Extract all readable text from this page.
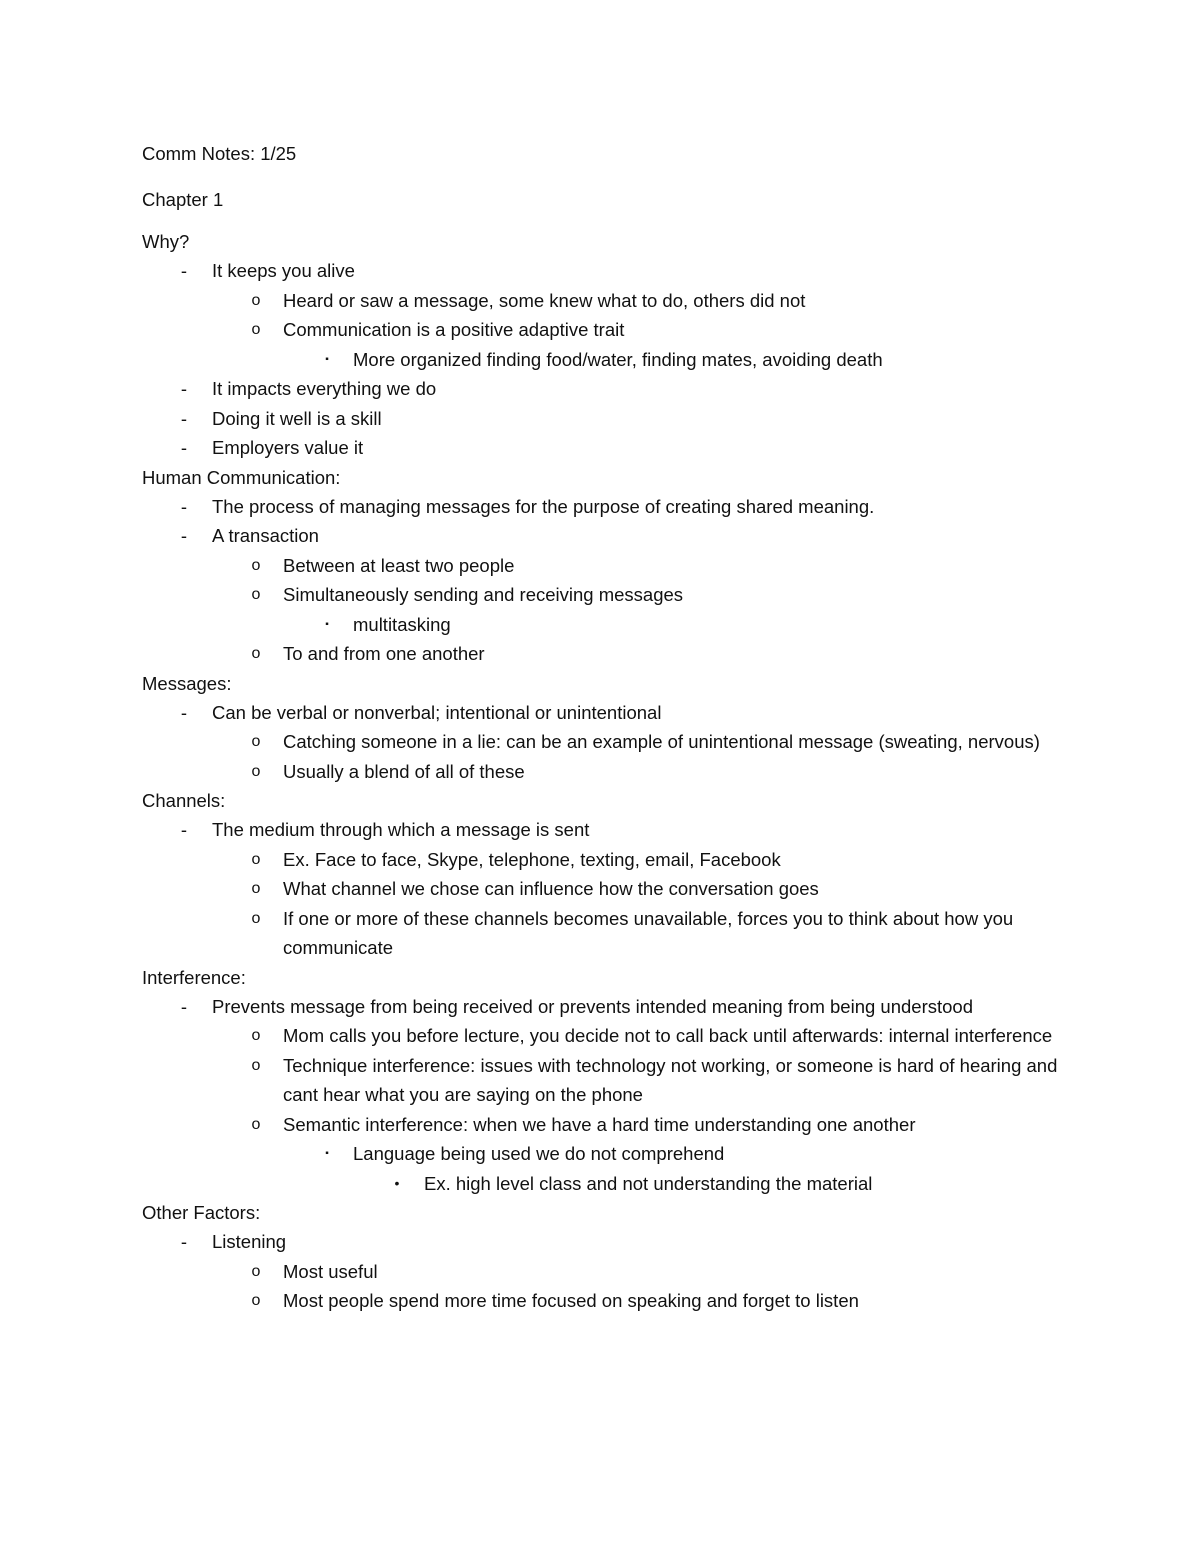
Comm Notes: 1/25

Chapter 1

Why?

-	It keeps you alive
o Heard or saw a message, some knew what to do, others did not
o Communication is a positive adaptive trait
▪	More organized finding food/water, finding mates, avoiding death
-	It impacts everything we do
-	Doing it well is a skill
-	Employers value it

Human Communication:

-	The process of managing messages for the purpose of creating shared meaning.
-	A transaction
o Between at least two people
o Simultaneously sending and receiving messages
▪	multitasking
o To and from one another

Messages:

-	Can be verbal or nonverbal; intentional or unintentional
o Catching someone in a lie: can be an example of unintentional message (sweating, nervous)
o Usually a blend of all of these

Channels:

-	The medium through which a message is sent
o Ex. Face to face, Skype, telephone, texting, email, Facebook
o What channel we chose can influence how the conversation goes
o If one or more of these channels becomes unavailable, forces you to think about how you communicate

Interference:

-	Prevents message from being received or prevents intended meaning from being understood
o Mom calls you before lecture, you decide not to call back until afterwards: internal interference
o Technique interference: issues with technology not working, or someone is hard of hearing and cant hear what you are saying on the phone
o Semantic interference: when we have a hard time understanding one another
▪	Language being used we do not comprehend
•	Ex. high level class and not understanding the material

Other Factors:

-	Listening
o Most useful
o Most people spend more time focused on speaking and forget to listen
